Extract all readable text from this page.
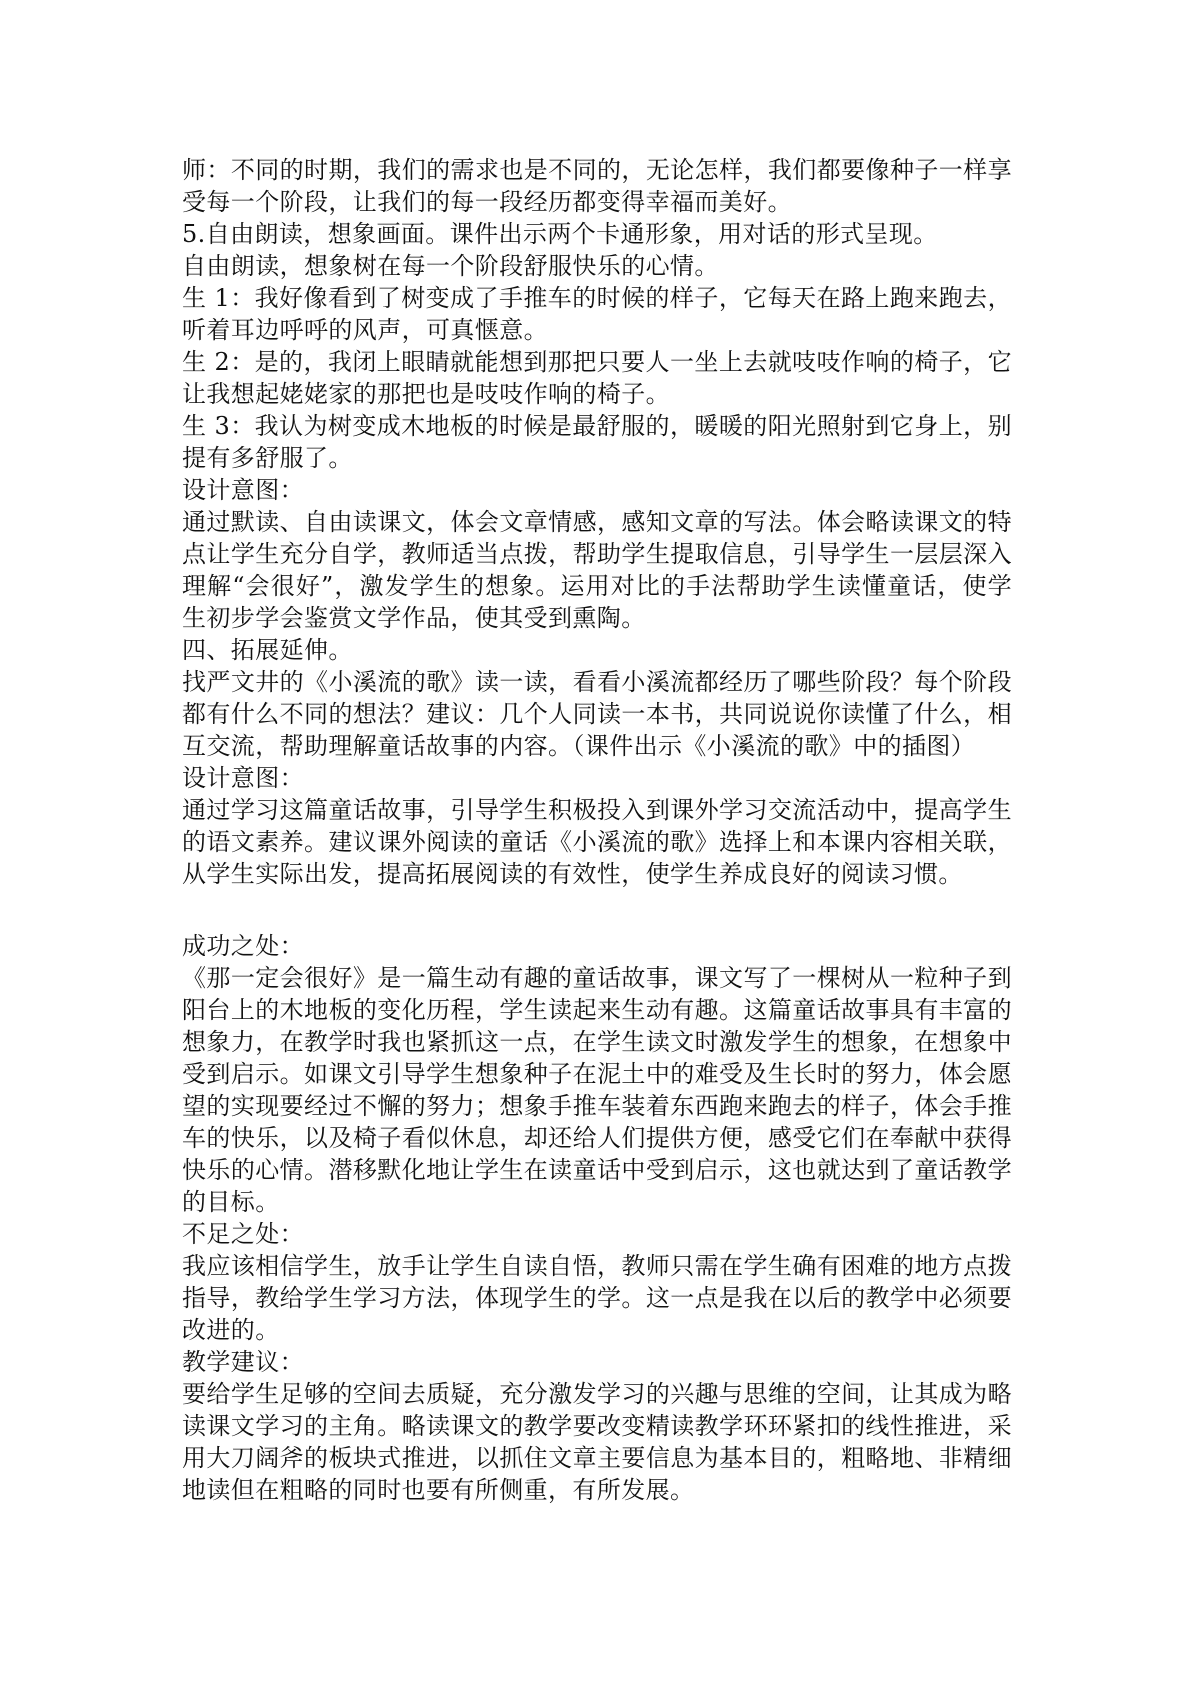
师：不同的时期，我们的需求也是不同的，无论怎样，我们都要像种子一样享受每一个阶段，让我们的每一段经历都变得幸福而美好。

5.自由朗读，想象画面。课件出示两个卡通形象，用对话的形式呈现。

自由朗读，想象树在每一个阶段舒服快乐的心情。

生 1：我好像看到了树变成了手推车的时候的样子，它每天在路上跑来跑去，听着耳边呼呼的风声，可真惬意。

生 2：是的，我闭上眼睛就能想到那把只要人一坐上去就吱吱作响的椅子，它让我想起姥姥家的那把也是吱吱作响的椅子。

生 3：我认为树变成木地板的时候是最舒服的，暖暖的阳光照射到它身上，别提有多舒服了。

设计意图：

通过默读、自由读课文，体会文章情感，感知文章的写法。体会略读课文的特点让学生充分自学，教师适当点拨，帮助学生提取信息，引导学生一层层深入理解“会很好”，激发学生的想象。运用对比的手法帮助学生读懂童话，使学生初步学会鉴赏文学作品，使其受到熏陶。

四、拓展延伸。

找严文井的《小溪流的歌》读一读，看看小溪流都经历了哪些阶段？每个阶段都有什么不同的想法？建议：几个人同读一本书，共同说说你读懂了什么，相互交流，帮助理解童话故事的内容。（课件出示《小溪流的歌》中的插图）

设计意图：

通过学习这篇童话故事，引导学生积极投入到课外学习交流活动中，提高学生的语文素养。建议课外阅读的童话《小溪流的歌》选择上和本课内容相关联，从学生实际出发，提高拓展阅读的有效性，使学生养成良好的阅读习惯。

成功之处：

《那一定会很好》是一篇生动有趣的童话故事，课文写了一棵树从一粒种子到阳台上的木地板的变化历程，学生读起来生动有趣。这篇童话故事具有丰富的想象力，在教学时我也紧抓这一点，在学生读文时激发学生的想象，在想象中受到启示。如课文引导学生想象种子在泥土中的难受及生长时的努力，体会愿望的实现要经过不懈的努力；想象手推车装着东西跑来跑去的样子，体会手推车的快乐，以及椅子看似休息，却还给人们提供方便，感受它们在奉献中获得快乐的心情。潜移默化地让学生在读童话中受到启示，这也就达到了童话教学的目标。

不足之处：

我应该相信学生，放手让学生自读自悟，教师只需在学生确有困难的地方点拨指导，教给学生学习方法，体现学生的学。这一点是我在以后的教学中必须要改进的。

教学建议：

要给学生足够的空间去质疑，充分激发学习的兴趣与思维的空间，让其成为略读课文学习的主角。略读课文的教学要改变精读教学环环紧扣的线性推进，采用大刀阔斧的板块式推进，以抓住文章主要信息为基本目的，粗略地、非精细地读但在粗略的同时也要有所侧重，有所发展。
